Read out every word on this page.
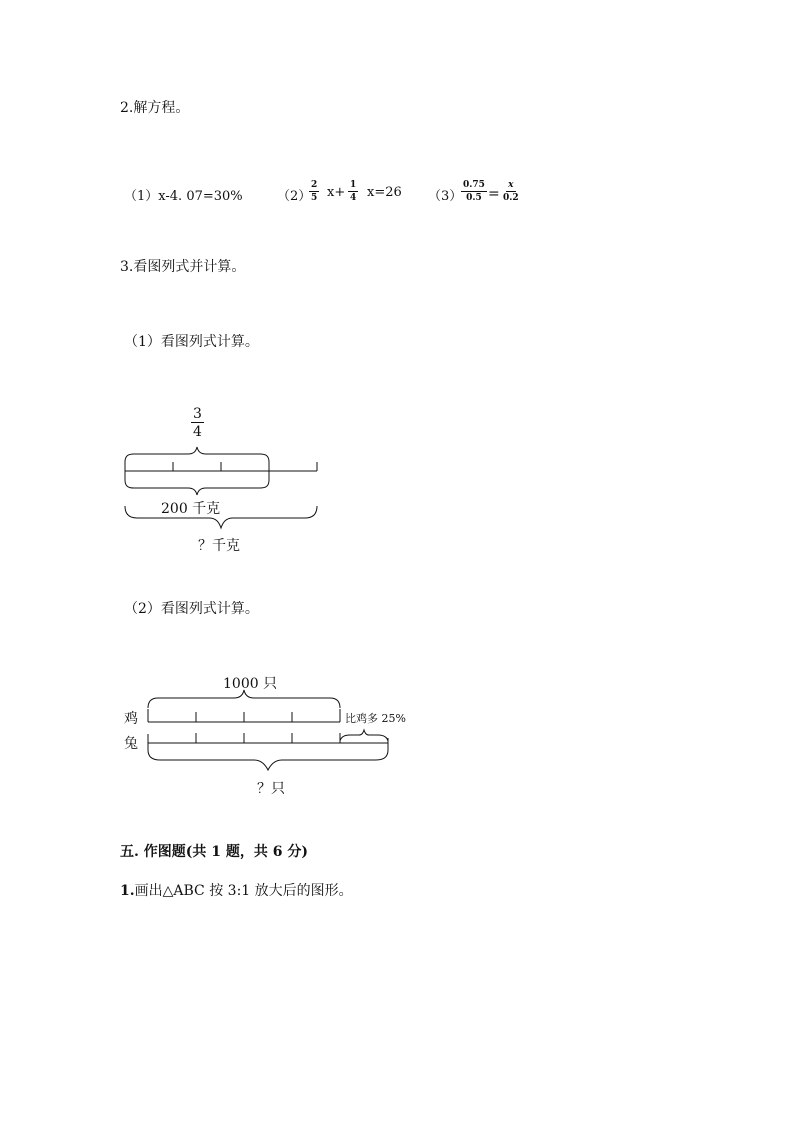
2.解方程。
（1）x-4. 07=30%	（2）
$\frac{2}{5} x+ \frac{1}{4} x=26$ （3）
$\frac{0.75}{0.5} = \frac{x}{0.2}$
3.看图列式并计算。
（1）看图列式计算。
$\frac{3}{4}$
200 千克
？千克
（2）看图列式计算。
1000 只
鸡
兔
比鸡多 25%
？只
五. 作图题(共 1 题，共 6 分)
1.画出△ABC 按 3:1 放大后的图形。
